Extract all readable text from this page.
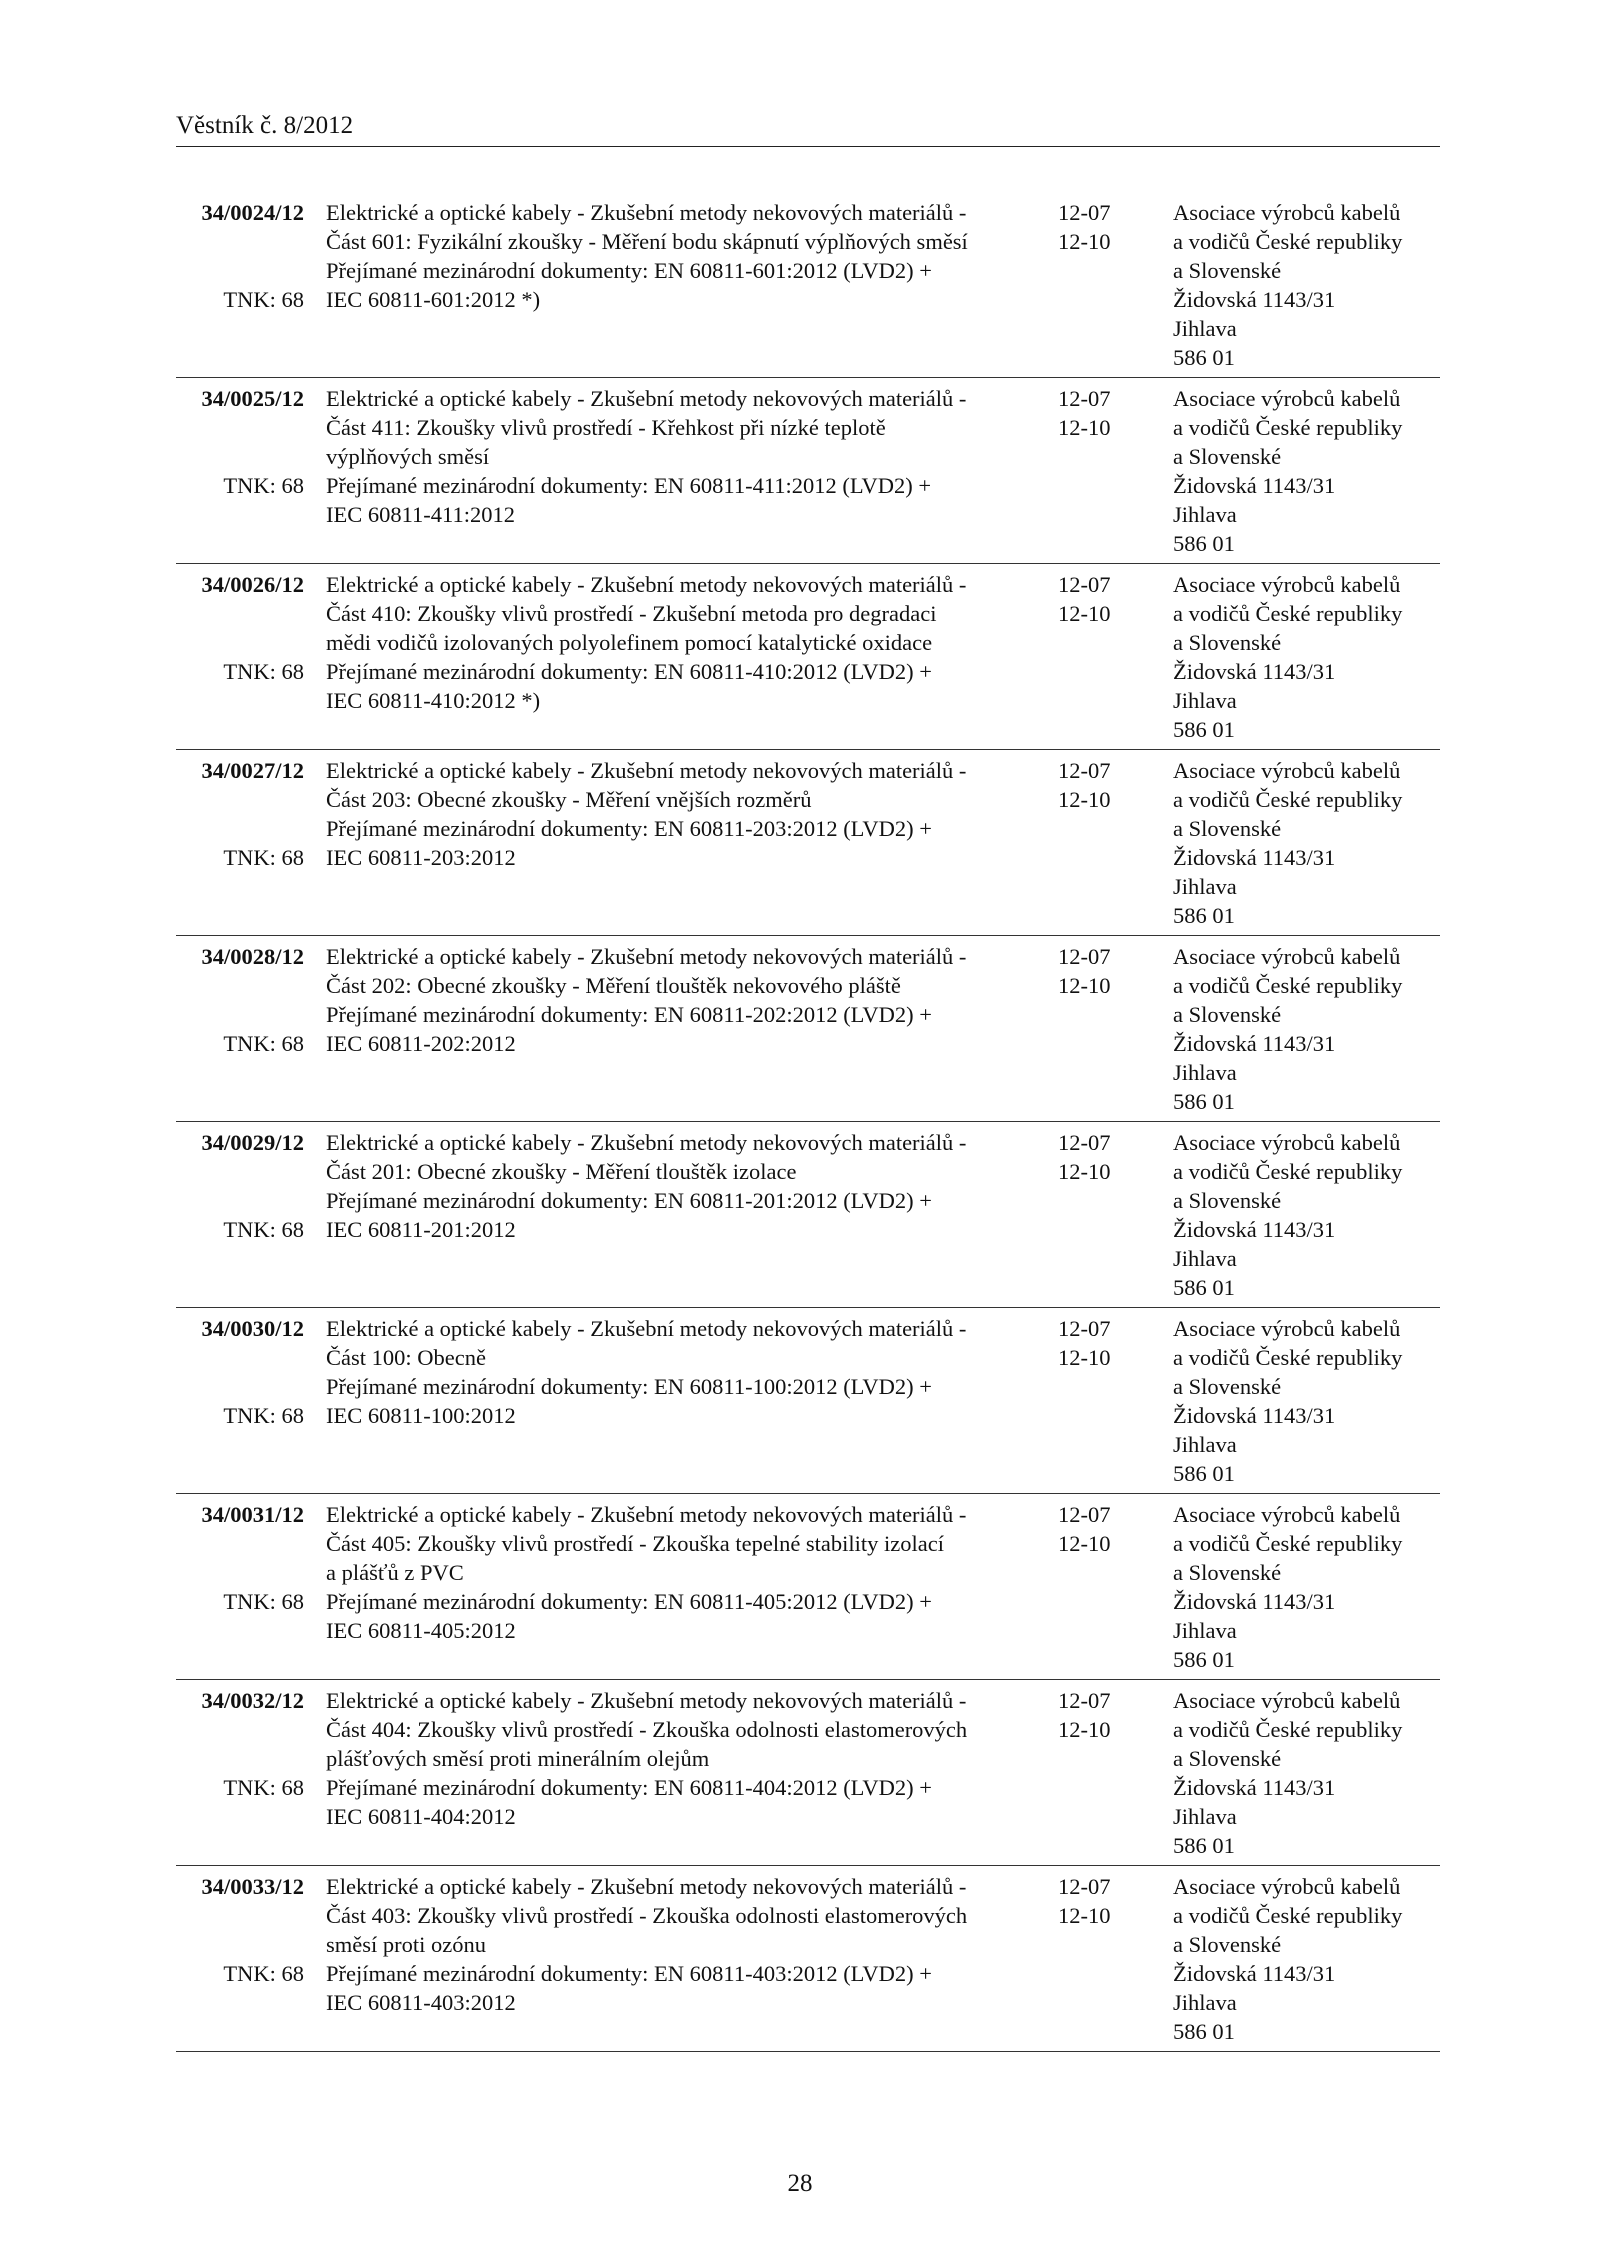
Věstník č. 8/2012
34/0024/12
TNK: 68
Elektrické a optické kabely - Zkušební metody nekovových materiálů -
Část 601: Fyzikální zkoušky - Měření bodu skápnutí výplňových směsí
Přejímané mezinárodní dokumenty: EN 60811-601:2012 (LVD2) +
IEC 60811-601:2012 *)
12-07
12-10
Asociace výrobců kabelů
a vodičů České republiky
a Slovenské
Židovská 1143/31
Jihlava
586 01
34/0025/12
TNK: 68
Elektrické a optické kabely - Zkušební metody nekovových materiálů -
Část 411: Zkoušky vlivů prostředí - Křehkost při nízké teplotě
výplňových směsí
Přejímané mezinárodní dokumenty: EN 60811-411:2012 (LVD2) +
IEC 60811-411:2012
12-07
12-10
Asociace výrobců kabelů
a vodičů České republiky
a Slovenské
Židovská 1143/31
Jihlava
586 01
34/0026/12
TNK: 68
Elektrické a optické kabely - Zkušební metody nekovových materiálů -
Část 410: Zkoušky vlivů prostředí - Zkušební metoda pro degradaci
mědi vodičů izolovaných polyolefinem pomocí katalytické oxidace
Přejímané mezinárodní dokumenty: EN 60811-410:2012 (LVD2) +
IEC 60811-410:2012 *)
12-07
12-10
Asociace výrobců kabelů
a vodičů České republiky
a Slovenské
Židovská 1143/31
Jihlava
586 01
34/0027/12
TNK: 68
Elektrické a optické kabely - Zkušební metody nekovových materiálů -
Část 203: Obecné zkoušky - Měření vnějších rozměrů
Přejímané mezinárodní dokumenty: EN 60811-203:2012 (LVD2) +
IEC 60811-203:2012
12-07
12-10
Asociace výrobců kabelů
a vodičů České republiky
a Slovenské
Židovská 1143/31
Jihlava
586 01
34/0028/12
TNK: 68
Elektrické a optické kabely - Zkušební metody nekovových materiálů -
Část 202: Obecné zkoušky - Měření tlouštěk nekovového pláště
Přejímané mezinárodní dokumenty: EN 60811-202:2012 (LVD2) +
IEC 60811-202:2012
12-07
12-10
Asociace výrobců kabelů
a vodičů České republiky
a Slovenské
Židovská 1143/31
Jihlava
586 01
34/0029/12
TNK: 68
Elektrické a optické kabely - Zkušební metody nekovových materiálů -
Část 201: Obecné zkoušky - Měření tlouštěk izolace
Přejímané mezinárodní dokumenty: EN 60811-201:2012 (LVD2) +
IEC 60811-201:2012
12-07
12-10
Asociace výrobců kabelů
a vodičů České republiky
a Slovenské
Židovská 1143/31
Jihlava
586 01
34/0030/12
TNK: 68
Elektrické a optické kabely - Zkušební metody nekovových materiálů -
Část 100: Obecně
Přejímané mezinárodní dokumenty: EN 60811-100:2012 (LVD2) +
IEC 60811-100:2012
12-07
12-10
Asociace výrobců kabelů
a vodičů České republiky
a Slovenské
Židovská 1143/31
Jihlava
586 01
34/0031/12
TNK: 68
Elektrické a optické kabely - Zkušební metody nekovových materiálů -
Část 405: Zkoušky vlivů prostředí - Zkouška tepelné stability izolací
a plášťů z PVC
Přejímané mezinárodní dokumenty: EN 60811-405:2012 (LVD2) +
IEC 60811-405:2012
12-07
12-10
Asociace výrobců kabelů
a vodičů České republiky
a Slovenské
Židovská 1143/31
Jihlava
586 01
34/0032/12
TNK: 68
Elektrické a optické kabely - Zkušební metody nekovových materiálů -
Část 404: Zkoušky vlivů prostředí - Zkouška odolnosti elastomerových
plášťových směsí proti minerálním olejům
Přejímané mezinárodní dokumenty: EN 60811-404:2012 (LVD2) +
IEC 60811-404:2012
12-07
12-10
Asociace výrobců kabelů
a vodičů České republiky
a Slovenské
Židovská 1143/31
Jihlava
586 01
34/0033/12
TNK: 68
Elektrické a optické kabely - Zkušební metody nekovových materiálů -
Část 403: Zkoušky vlivů prostředí - Zkouška odolnosti elastomerových
směsí proti ozónu
Přejímané mezinárodní dokumenty: EN 60811-403:2012 (LVD2) +
IEC 60811-403:2012
12-07
12-10
Asociace výrobců kabelů
a vodičů České republiky
a Slovenské
Židovská 1143/31
Jihlava
586 01
28
